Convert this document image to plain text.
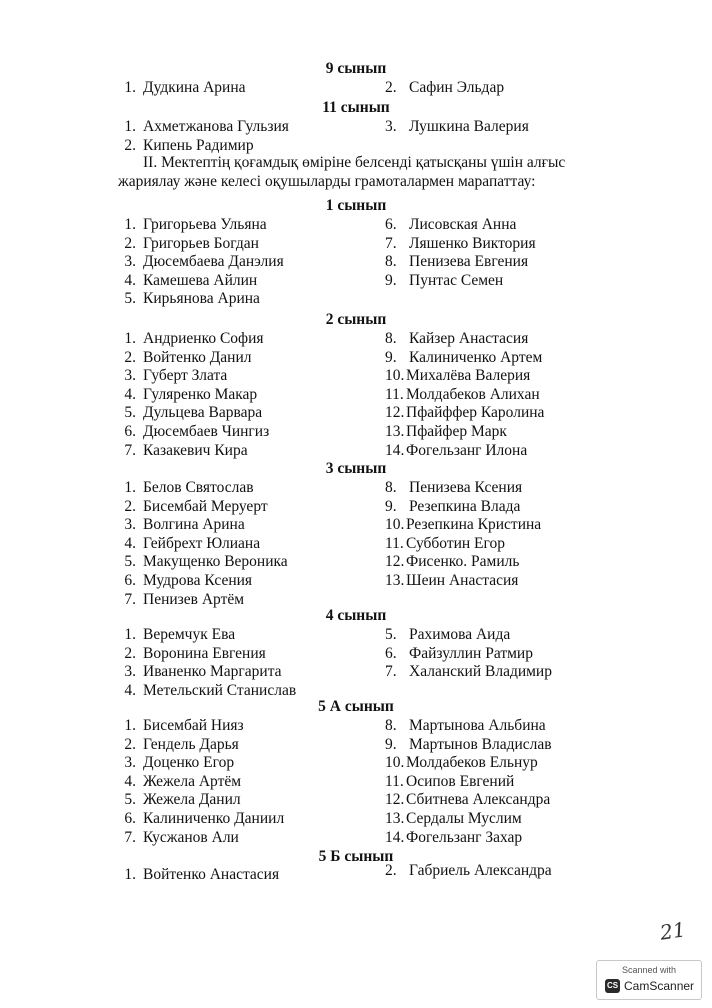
II. Мектептің қоғамдық өміріне белсенді қатысқаны үшін алғыс
жариялау және келесі оқушыларды грамоталармен марапаттау:
21
Scanned with
CS CamScanner
9 сынып
1. Дудкина Арина	2. Сафин Эльдар
11 сынып
1. Ахметжанова Гульзия
2. Кипень Радимир
3. Лушкина Валерия
1 сынып
1. Григорьева Ульяна
2. Григорьев Богдан
3. Дюсембаева Данэлия
4. Камешева Айлин
5. Кирьянова Арина
6. Лисовская Анна
7. Ляшенко Виктория
8. Пенизева Евгения
9. Пунтас Семен
2 сынып
1. Андриенко София
2. Войтенко Данил
3. Губерт Злата
4. Гуляренко Макар
5. Дульцева Варвара
6. Дюсембаев Чингиз
7. Казакевич Кира
8. Кайзер Анастасия
9. Калиниченко Артем
10. Михалёва Валерия
11. Молдабеков Алихан
12. Пфайффер Каролина
13. Пфайфер Марк
14. Фогельзанг Илона
3 сынып
1. Белов Святослав
2. Бисембай Меруерт
3. Волгина Арина
4. Гейбрехт Юлиана
5. Макущенко Вероника
6. Мудрова Ксения
7. Пенизев Артём
8. Пенизева Ксения
9. Резепкина Влада
10. Резепкина Кристина
11. Субботин Егор
12. Фисенко. Рамиль
13. Шеин Анастасия
4 сынып
1. Веремчук Ева
2. Воронина Евгения
3. Иваненко Маргарита
4. Метельский Станислав
5. Рахимова Аида
6. Файзуллин Ратмир
7. Халанский Владимир
5 А сынып
1. Бисембай Нияз
2. Гендель Дарья
3. Доценко Егор
4. Жежела Артём
5. Жежела Данил
6. Калиниченко Даниил
7. Кусжанов Али
8. Мартынова Альбина
9. Мартынов Владислав
10. Молдабеков Ельнур
11. Осипов Евгений
12. Сбитнева Александра
13. Сердалы Муслим
14. Фогельзанг Захар
5 Б сынып
1. Войтенко Анастасия	2. Габриель Александра
